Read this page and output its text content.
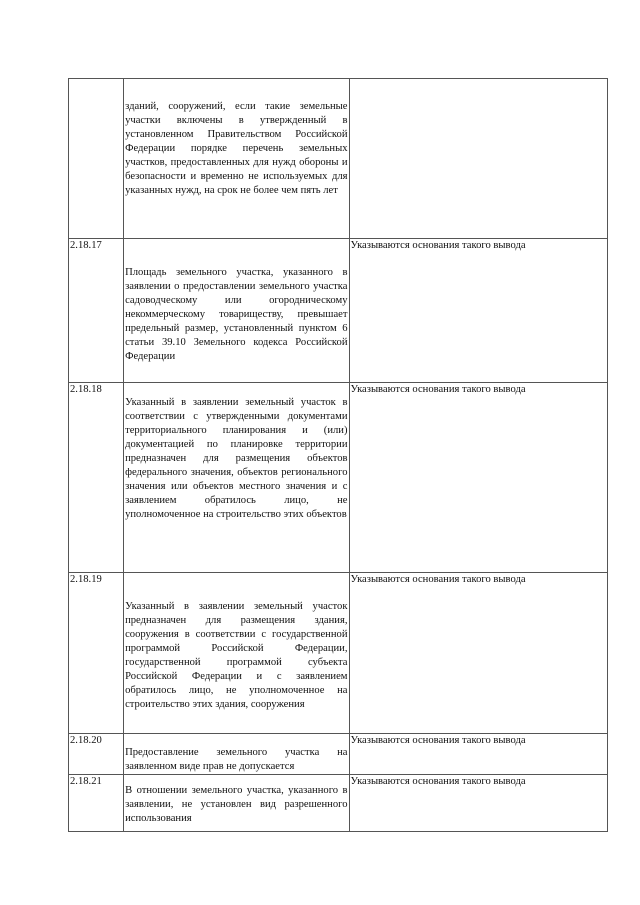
	зданий, сооружений, если такие земельные участки включены в утвержденный в установленном Правительством Российской Федерации порядке перечень земельных участков, предоставленных для нужд обороны и безопасности и временно не используемых для указанных нужд, на срок не более чем пять лет	

2.18.17	Площадь земельного участка, указанного в заявлении о предоставлении земельного участка садоводческому или огородническому некоммерческому товариществу, превышает предельный размер, установленный пунктом 6 статьи 39.10 Земельного кодекса Российской Федерации	Указываются основания такого вывода

2.18.18	Указанный в заявлении земельный участок в соответствии с утвержденными документами территориального планирования и (или) документацией по планировке территории предназначен для размещения объектов федерального значения, объектов регионального значения или объектов местного значения и с заявлением обратилось лицо, не уполномоченное на строительство этих объектов	Указываются основания такого вывода

2.18.19	Указанный в заявлении земельный участок предназначен для размещения здания, сооружения в соответствии с государственной программой Российской Федерации, государственной программой субъекта Российской Федерации и с заявлением обратилось лицо, не уполномоченное на строительство этих здания, сооружения	Указываются основания такого вывода

2.18.20	Предоставление земельного участка на заявленном виде прав не допускается	Указываются основания такого вывода

2.18.21	В отношении земельного участка, указанного в заявлении, не установлен вид разрешенного использования	Указываются основания такого вывода
